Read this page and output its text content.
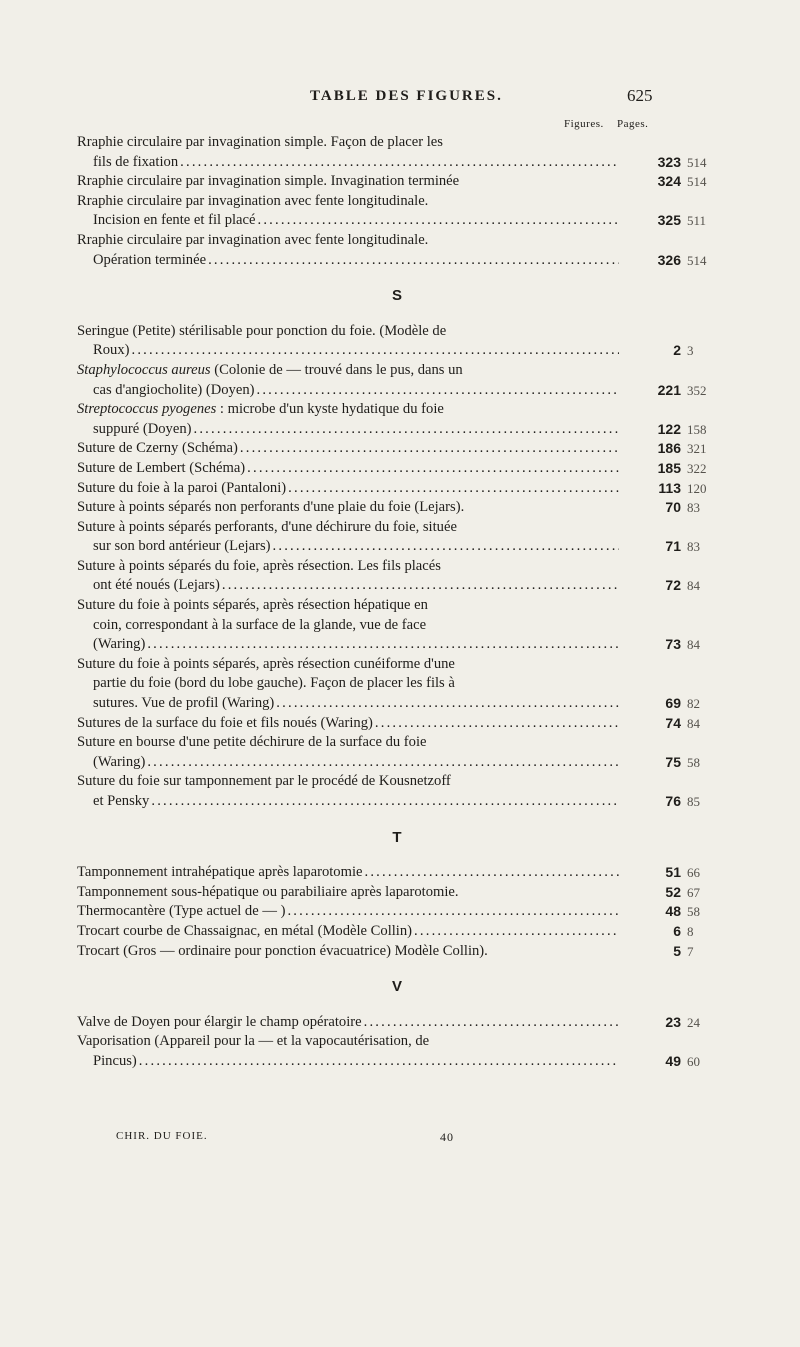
TABLE DES FIGURES.	625
Figures. Pages.
Rraphie circulaire par invagination simple. Façon de placer les
fils de fixation .....	323 514
Rraphie circulaire par invagination simple. Invagination terminée	324 514
Rraphie circulaire par invagination avec fente longitudinale.
Incision en fente et fil placé .....	325 511
Rraphie circulaire par invagination avec fente longitudinale.
Opération terminée .....	326 514
S
Seringue (Petite) stérilisable pour ponction du foie. (Modèle de
Roux) .....	2 3
Staphylococcus aureus (Colonie de — trouvé dans le pus, dans un
cas d'angiocholite) (Doyen) .....	221 352
Streptococcus pyogenes : microbe d'un kyste hydatique du foie
suppuré (Doyen) .....	122 158
Suture de Czerny (Schéma) .....	186 321
Suture de Lembert (Schéma) .....	185 322
Suture du foie à la paroi (Pantaloni) .....	113 120
Suture à points séparés non perforants d'une plaie du foie (Lejars).	70 83
Suture à points séparés perforants, d'une déchirure du foie, située
sur son bord antérieur (Lejars) .....	71 83
Suture à points séparés du foie, après résection. Les fils placés
ont été noués (Lejars) .....	72 84
Suture du foie à points séparés, après résection hépatique en
coin, correspondant à la surface de la glande, vue de face
(Waring) .....	73 84
Suture du foie à points séparés, après résection cunéiforme d'une
partie du foie (bord du lobe gauche). Façon de placer les fils à
sutures. Vue de profil (Waring) .....	69 82
Sutures de la surface du foie et fils noués (Waring) .....	74 84
Suture en bourse d'une petite déchirure de la surface du foie
(Waring) .....	75 58
Suture du foie sur tamponnement par le procédé de Kousnetzoff
et Pensky .....	76 85
T
Tamponnement intrahépatique après laparotomie .....	51 66
Tamponnement sous-hépatique ou parabiliaire après laparotomie.	52 67
Thermocantère (Type actuel de — ) .....	48 58
Trocart courbe de Chassaignac, en métal (Modèle Collin) .....	6 8
Trocart (Gros — ordinaire pour ponction évacuatrice) Modèle Collin).	5 7
V
Valve de Doyen pour élargir le champ opératoire .....	23 24
Vaporisation (Appareil pour la — et la vapocautérisation, de
Pincus) .....	49 60
CHIR. DU FOIE.	40
